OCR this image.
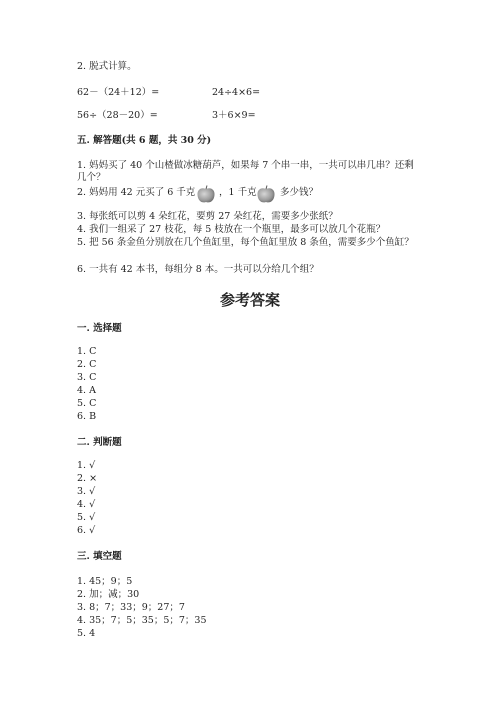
2. 脱式计算。
62－（24＋12）=	24÷4×6=
56÷（28－20）=	3＋6×9=
五. 解答题(共 6 题，共 30 分)
1. 妈妈买了 40 个山楂做冰糖葫芦，如果每 7 个串一串，一共可以串几串？还剩
几个？
2. 妈妈用 42 元买了 6 千克 ，1 千克 多少钱？
3. 每张纸可以剪 4 朵红花，要剪 27 朵红花，需要多少张纸？
4. 我们一组采了 27 枝花，每 5 枝放在一个瓶里，最多可以放几个花瓶？
5. 把 56 条金鱼分别放在几个鱼缸里，每个鱼缸里放 8 条鱼，需要多少个鱼缸？
6. 一共有 42 本书，每组分 8 本。一共可以分给几个组？
参考答案
一. 选择题
1. C
2. C
3. C
4. A
5. C
6. B
二. 判断题
1. √
2. ×
3. √
4. √
5. √
6. √
三. 填空题
1. 45；9；5
2. 加；减；30
3. 8；7；33；9；27；7
4. 35；7；5；35；5；7；35
5. 4
